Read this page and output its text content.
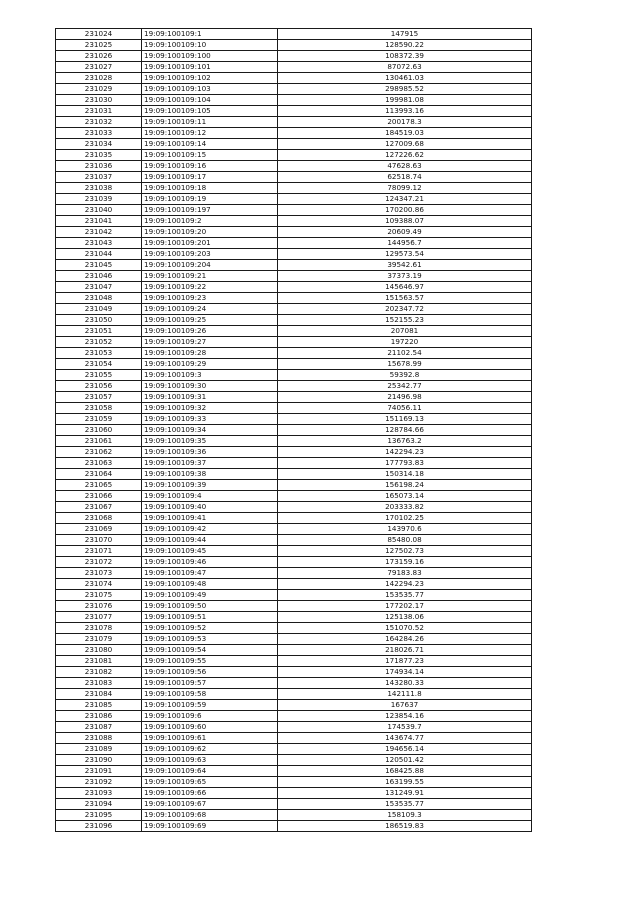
231024	19:09:100109:1	147915
231025	19:09:100109:10	128590.22
231026	19:09:100109:100	108372.39
231027	19:09:100109:101	87072.63
231028	19:09:100109:102	130461.03
231029	19:09:100109:103	298985.52
231030	19:09:100109:104	199981.08
231031	19:09:100109:105	113993.16
231032	19:09:100109:11	200178.3
231033	19:09:100109:12	184519.03
231034	19:09:100109:14	127009.68
231035	19:09:100109:15	127226.62
231036	19:09:100109:16	47628.63
231037	19:09:100109:17	62518.74
231038	19:09:100109:18	78099.12
231039	19:09:100109:19	124347.21
231040	19:09:100109:197	170200.86
231041	19:09:100109:2	109388.07
231042	19:09:100109:20	20609.49
231043	19:09:100109:201	144956.7
231044	19:09:100109:203	129573.54
231045	19:09:100109:204	39542.61
231046	19:09:100109:21	37373.19
231047	19:09:100109:22	145646.97
231048	19:09:100109:23	151563.57
231049	19:09:100109:24	202347.72
231050	19:09:100109:25	152155.23
231051	19:09:100109:26	207081
231052	19:09:100109:27	197220
231053	19:09:100109:28	21102.54
231054	19:09:100109:29	15678.99
231055	19:09:100109:3	59392.8
231056	19:09:100109:30	25342.77
231057	19:09:100109:31	21496.98
231058	19:09:100109:32	74056.11
231059	19:09:100109:33	151169.13
231060	19:09:100109:34	128784.66
231061	19:09:100109:35	136763.2
231062	19:09:100109:36	142294.23
231063	19:09:100109:37	177793.83
231064	19:09:100109:38	150314.18
231065	19:09:100109:39	156198.24
231066	19:09:100109:4	165073.14
231067	19:09:100109:40	203333.82
231068	19:09:100109:41	170102.25
231069	19:09:100109:42	143970.6
231070	19:09:100109:44	85480.08
231071	19:09:100109:45	127502.73
231072	19:09:100109:46	173159.16
231073	19:09:100109:47	79183.83
231074	19:09:100109:48	142294.23
231075	19:09:100109:49	153535.77
231076	19:09:100109:50	177202.17
231077	19:09:100109:51	125138.06
231078	19:09:100109:52	151070.52
231079	19:09:100109:53	164284.26
231080	19:09:100109:54	218026.71
231081	19:09:100109:55	171877.23
231082	19:09:100109:56	174934.14
231083	19:09:100109:57	143280.33
231084	19:09:100109:58	142111.8
231085	19:09:100109:59	167637
231086	19:09:100109:6	123854.16
231087	19:09:100109:60	174539.7
231088	19:09:100109:61	143674.77
231089	19:09:100109:62	194656.14
231090	19:09:100109:63	120501.42
231091	19:09:100109:64	168425.88
231092	19:09:100109:65	163199.55
231093	19:09:100109:66	131249.91
231094	19:09:100109:67	153535.77
231095	19:09:100109:68	158109.3
231096	19:09:100109:69	186519.83
